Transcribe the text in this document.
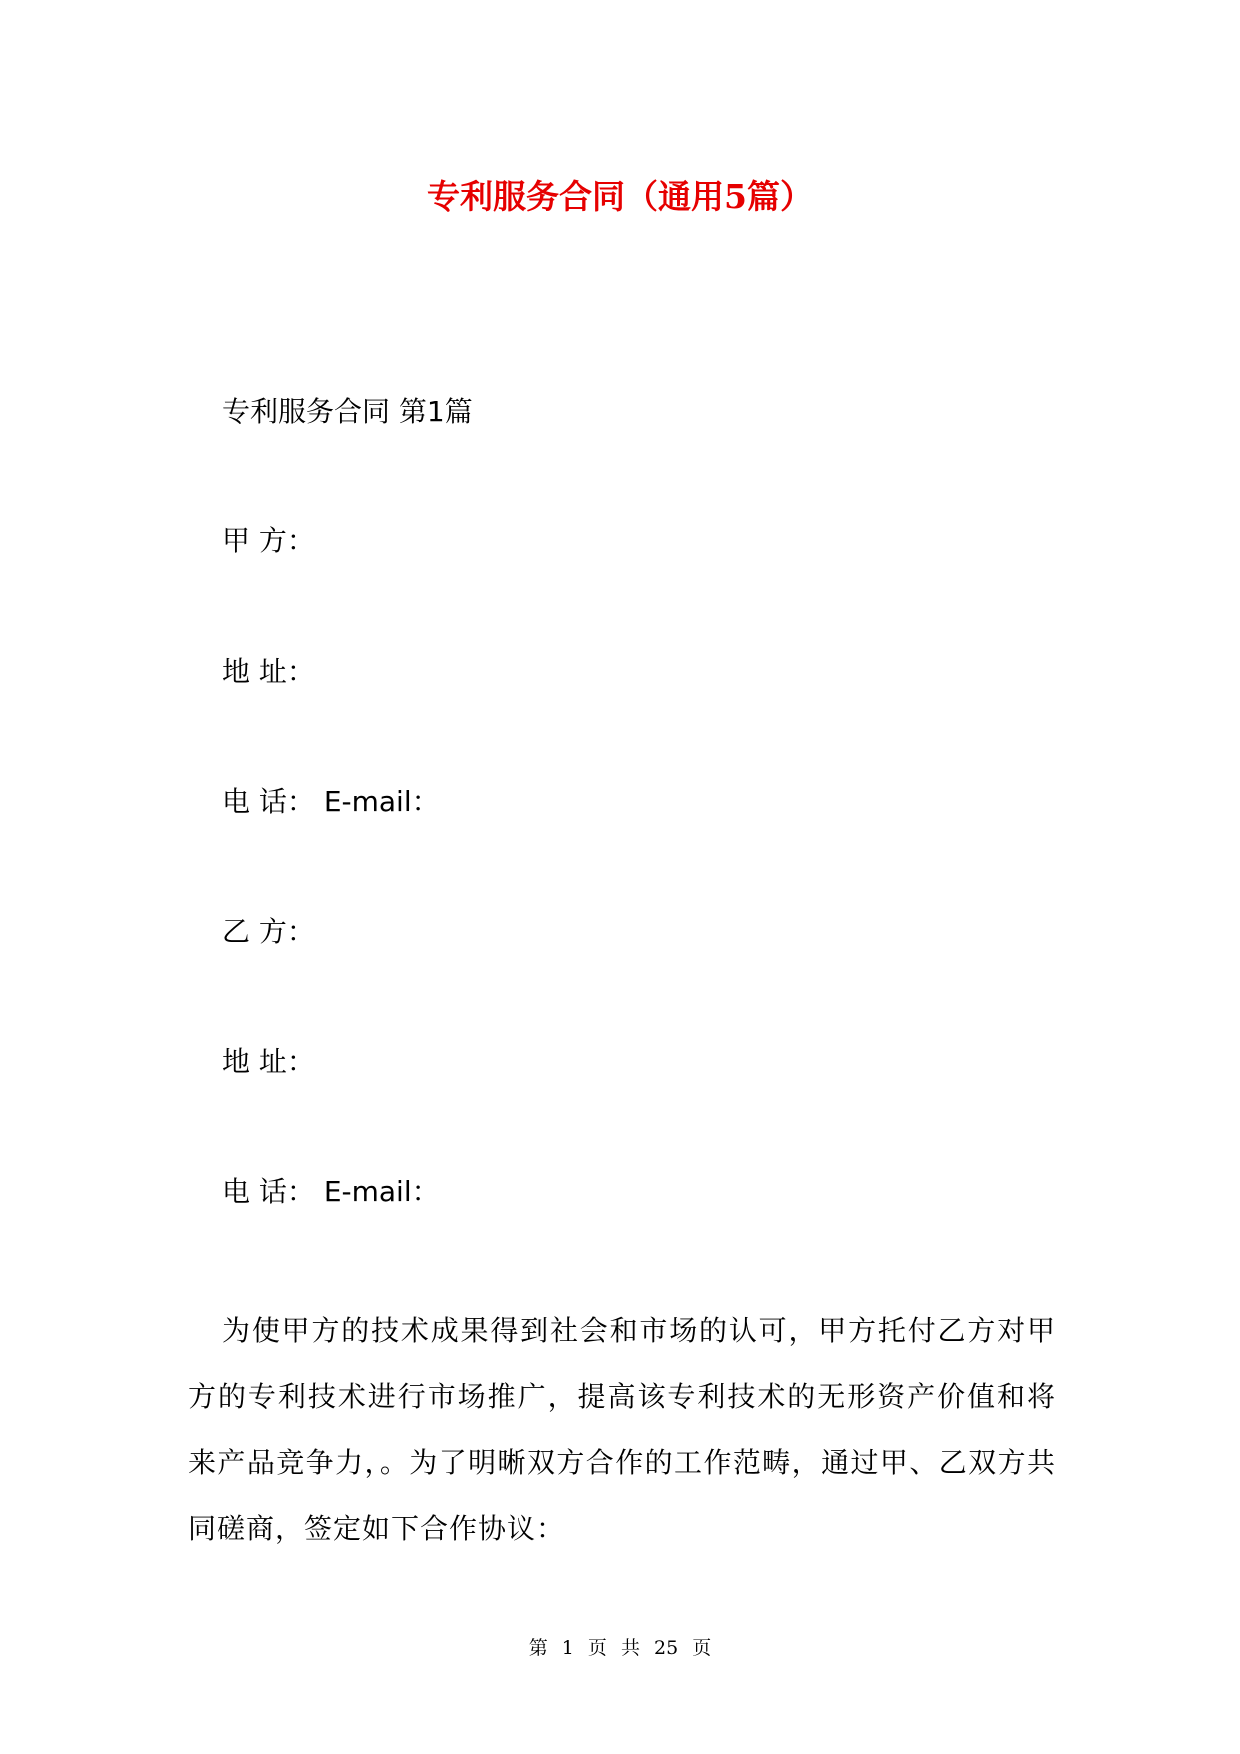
专利服务合同（通用5篇）
专利服务合同 第1篇
甲 方：
地 址：
电 话： E-mail：
乙 方：
地 址：
电 话： E-mail：
为使甲方的技术成果得到社会和市场的认可，甲方托付乙方对甲方的专利技术进行市场推广，提高该专利技术的无形资产价值和将来产品竞争力，。为了明晰双方合作的工作范畴，通过甲、乙双方共同磋商，签定如下合作协议：
第 1 页 共 25 页
